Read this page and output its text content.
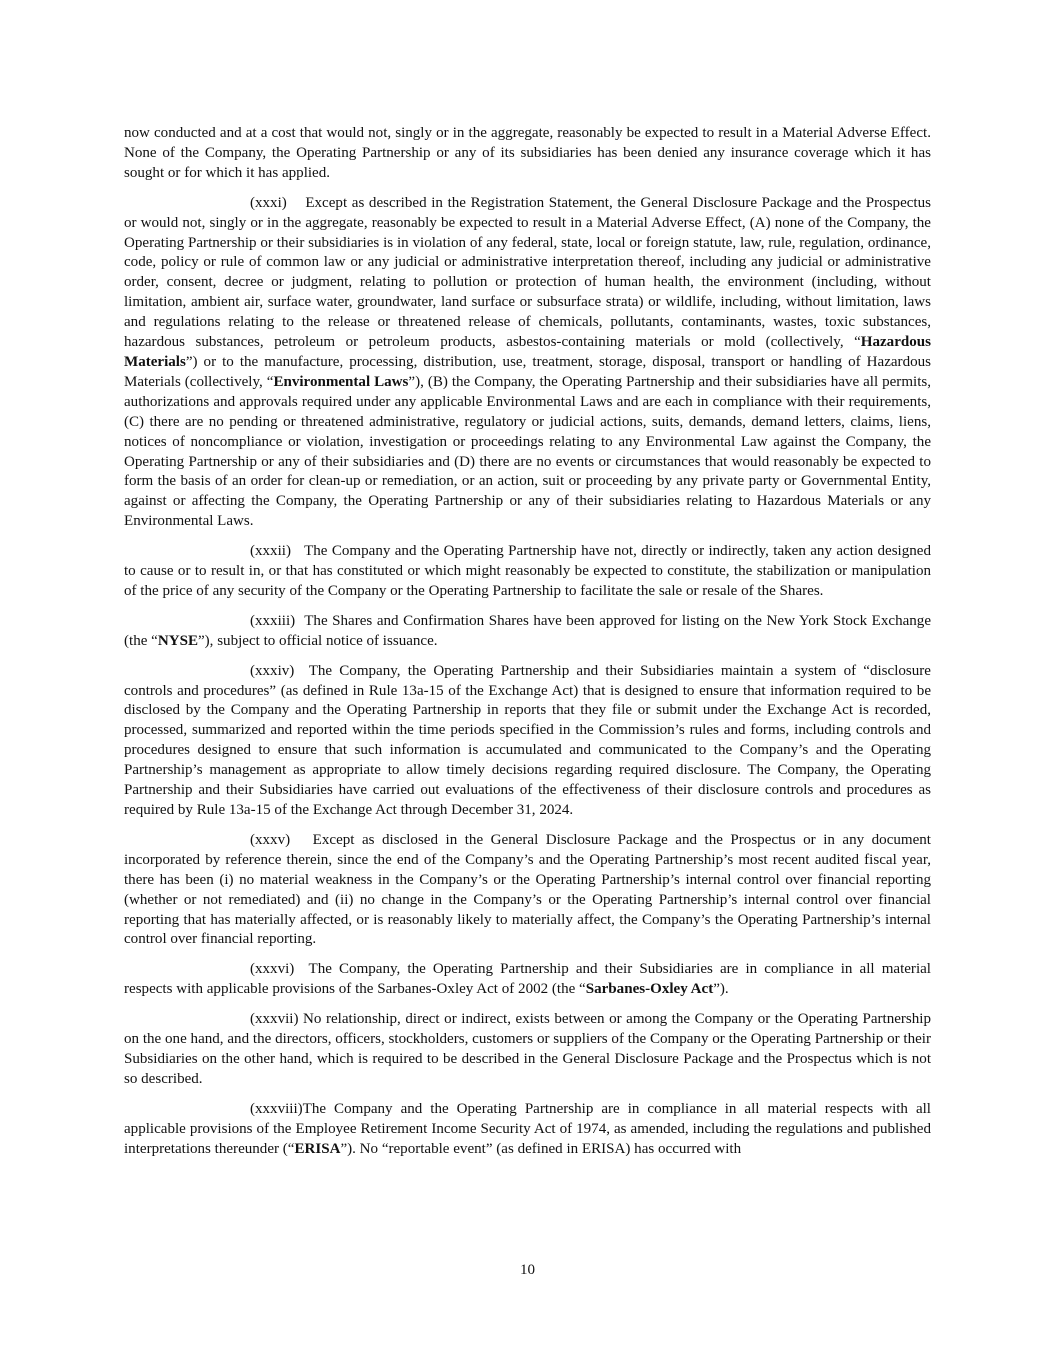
now conducted and at a cost that would not, singly or in the aggregate, reasonably be expected to result in a Material Adverse Effect. None of the Company, the Operating Partnership or any of its subsidiaries has been denied any insurance coverage which it has sought or for which it has applied.

(xxxi) Except as described in the Registration Statement, the General Disclosure Package and the Prospectus or would not, singly or in the aggregate, reasonably be expected to result in a Material Adverse Effect, (A) none of the Company, the Operating Partnership or their subsidiaries is in violation of any federal, state, local or foreign statute, law, rule, regulation, ordinance, code, policy or rule of common law or any judicial or administrative interpretation thereof, including any judicial or administrative order, consent, decree or judgment, relating to pollution or protection of human health, the environment (including, without limitation, ambient air, surface water, groundwater, land surface or subsurface strata) or wildlife, including, without limitation, laws and regulations relating to the release or threatened release of chemicals, pollutants, contaminants, wastes, toxic substances, hazardous substances, petroleum or petroleum products, asbestos-containing materials or mold (collectively, “Hazardous Materials”) or to the manufacture, processing, distribution, use, treatment, storage, disposal, transport or handling of Hazardous Materials (collectively, “Environmental Laws”), (B) the Company, the Operating Partnership and their subsidiaries have all permits, authorizations and approvals required under any applicable Environmental Laws and are each in compliance with their requirements, (C) there are no pending or threatened administrative, regulatory or judicial actions, suits, demands, demand letters, claims, liens, notices of noncompliance or violation, investigation or proceedings relating to any Environmental Law against the Company, the Operating Partnership or any of their subsidiaries and (D) there are no events or circumstances that would reasonably be expected to form the basis of an order for clean-up or remediation, or an action, suit or proceeding by any private party or Governmental Entity, against or affecting the Company, the Operating Partnership or any of their subsidiaries relating to Hazardous Materials or any Environmental Laws.

(xxxii) The Company and the Operating Partnership have not, directly or indirectly, taken any action designed to cause or to result in, or that has constituted or which might reasonably be expected to constitute, the stabilization or manipulation of the price of any security of the Company or the Operating Partnership to facilitate the sale or resale of the Shares.

(xxxiii) The Shares and Confirmation Shares have been approved for listing on the New York Stock Exchange (the “NYSE”), subject to official notice of issuance.

(xxxiv) The Company, the Operating Partnership and their Subsidiaries maintain a system of “disclosure controls and procedures” (as defined in Rule 13a-15 of the Exchange Act) that is designed to ensure that information required to be disclosed by the Company and the Operating Partnership in reports that they file or submit under the Exchange Act is recorded, processed, summarized and reported within the time periods specified in the Commission’s rules and forms, including controls and procedures designed to ensure that such information is accumulated and communicated to the Company’s and the Operating Partnership’s management as appropriate to allow timely decisions regarding required disclosure. The Company, the Operating Partnership and their Subsidiaries have carried out evaluations of the effectiveness of their disclosure controls and procedures as required by Rule 13a-15 of the Exchange Act through December 31, 2024.

(xxxv) Except as disclosed in the General Disclosure Package and the Prospectus or in any document incorporated by reference therein, since the end of the Company’s and the Operating Partnership’s most recent audited fiscal year, there has been (i) no material weakness in the Company’s or the Operating Partnership’s internal control over financial reporting (whether or not remediated) and (ii) no change in the Company’s or the Operating Partnership’s internal control over financial reporting that has materially affected, or is reasonably likely to materially affect, the Company’s the Operating Partnership’s internal control over financial reporting.

(xxxvi) The Company, the Operating Partnership and their Subsidiaries are in compliance in all material respects with applicable provisions of the Sarbanes-Oxley Act of 2002 (the “Sarbanes-Oxley Act”).

(xxxvii) No relationship, direct or indirect, exists between or among the Company or the Operating Partnership on the one hand, and the directors, officers, stockholders, customers or suppliers of the Company or the Operating Partnership or their Subsidiaries on the other hand, which is required to be described in the General Disclosure Package and the Prospectus which is not so described.

(xxxviii)The Company and the Operating Partnership are in compliance in all material respects with all applicable provisions of the Employee Retirement Income Security Act of 1974, as amended, including the regulations and published interpretations thereunder (“ERISA”). No “reportable event” (as defined in ERISA) has occurred with

10
